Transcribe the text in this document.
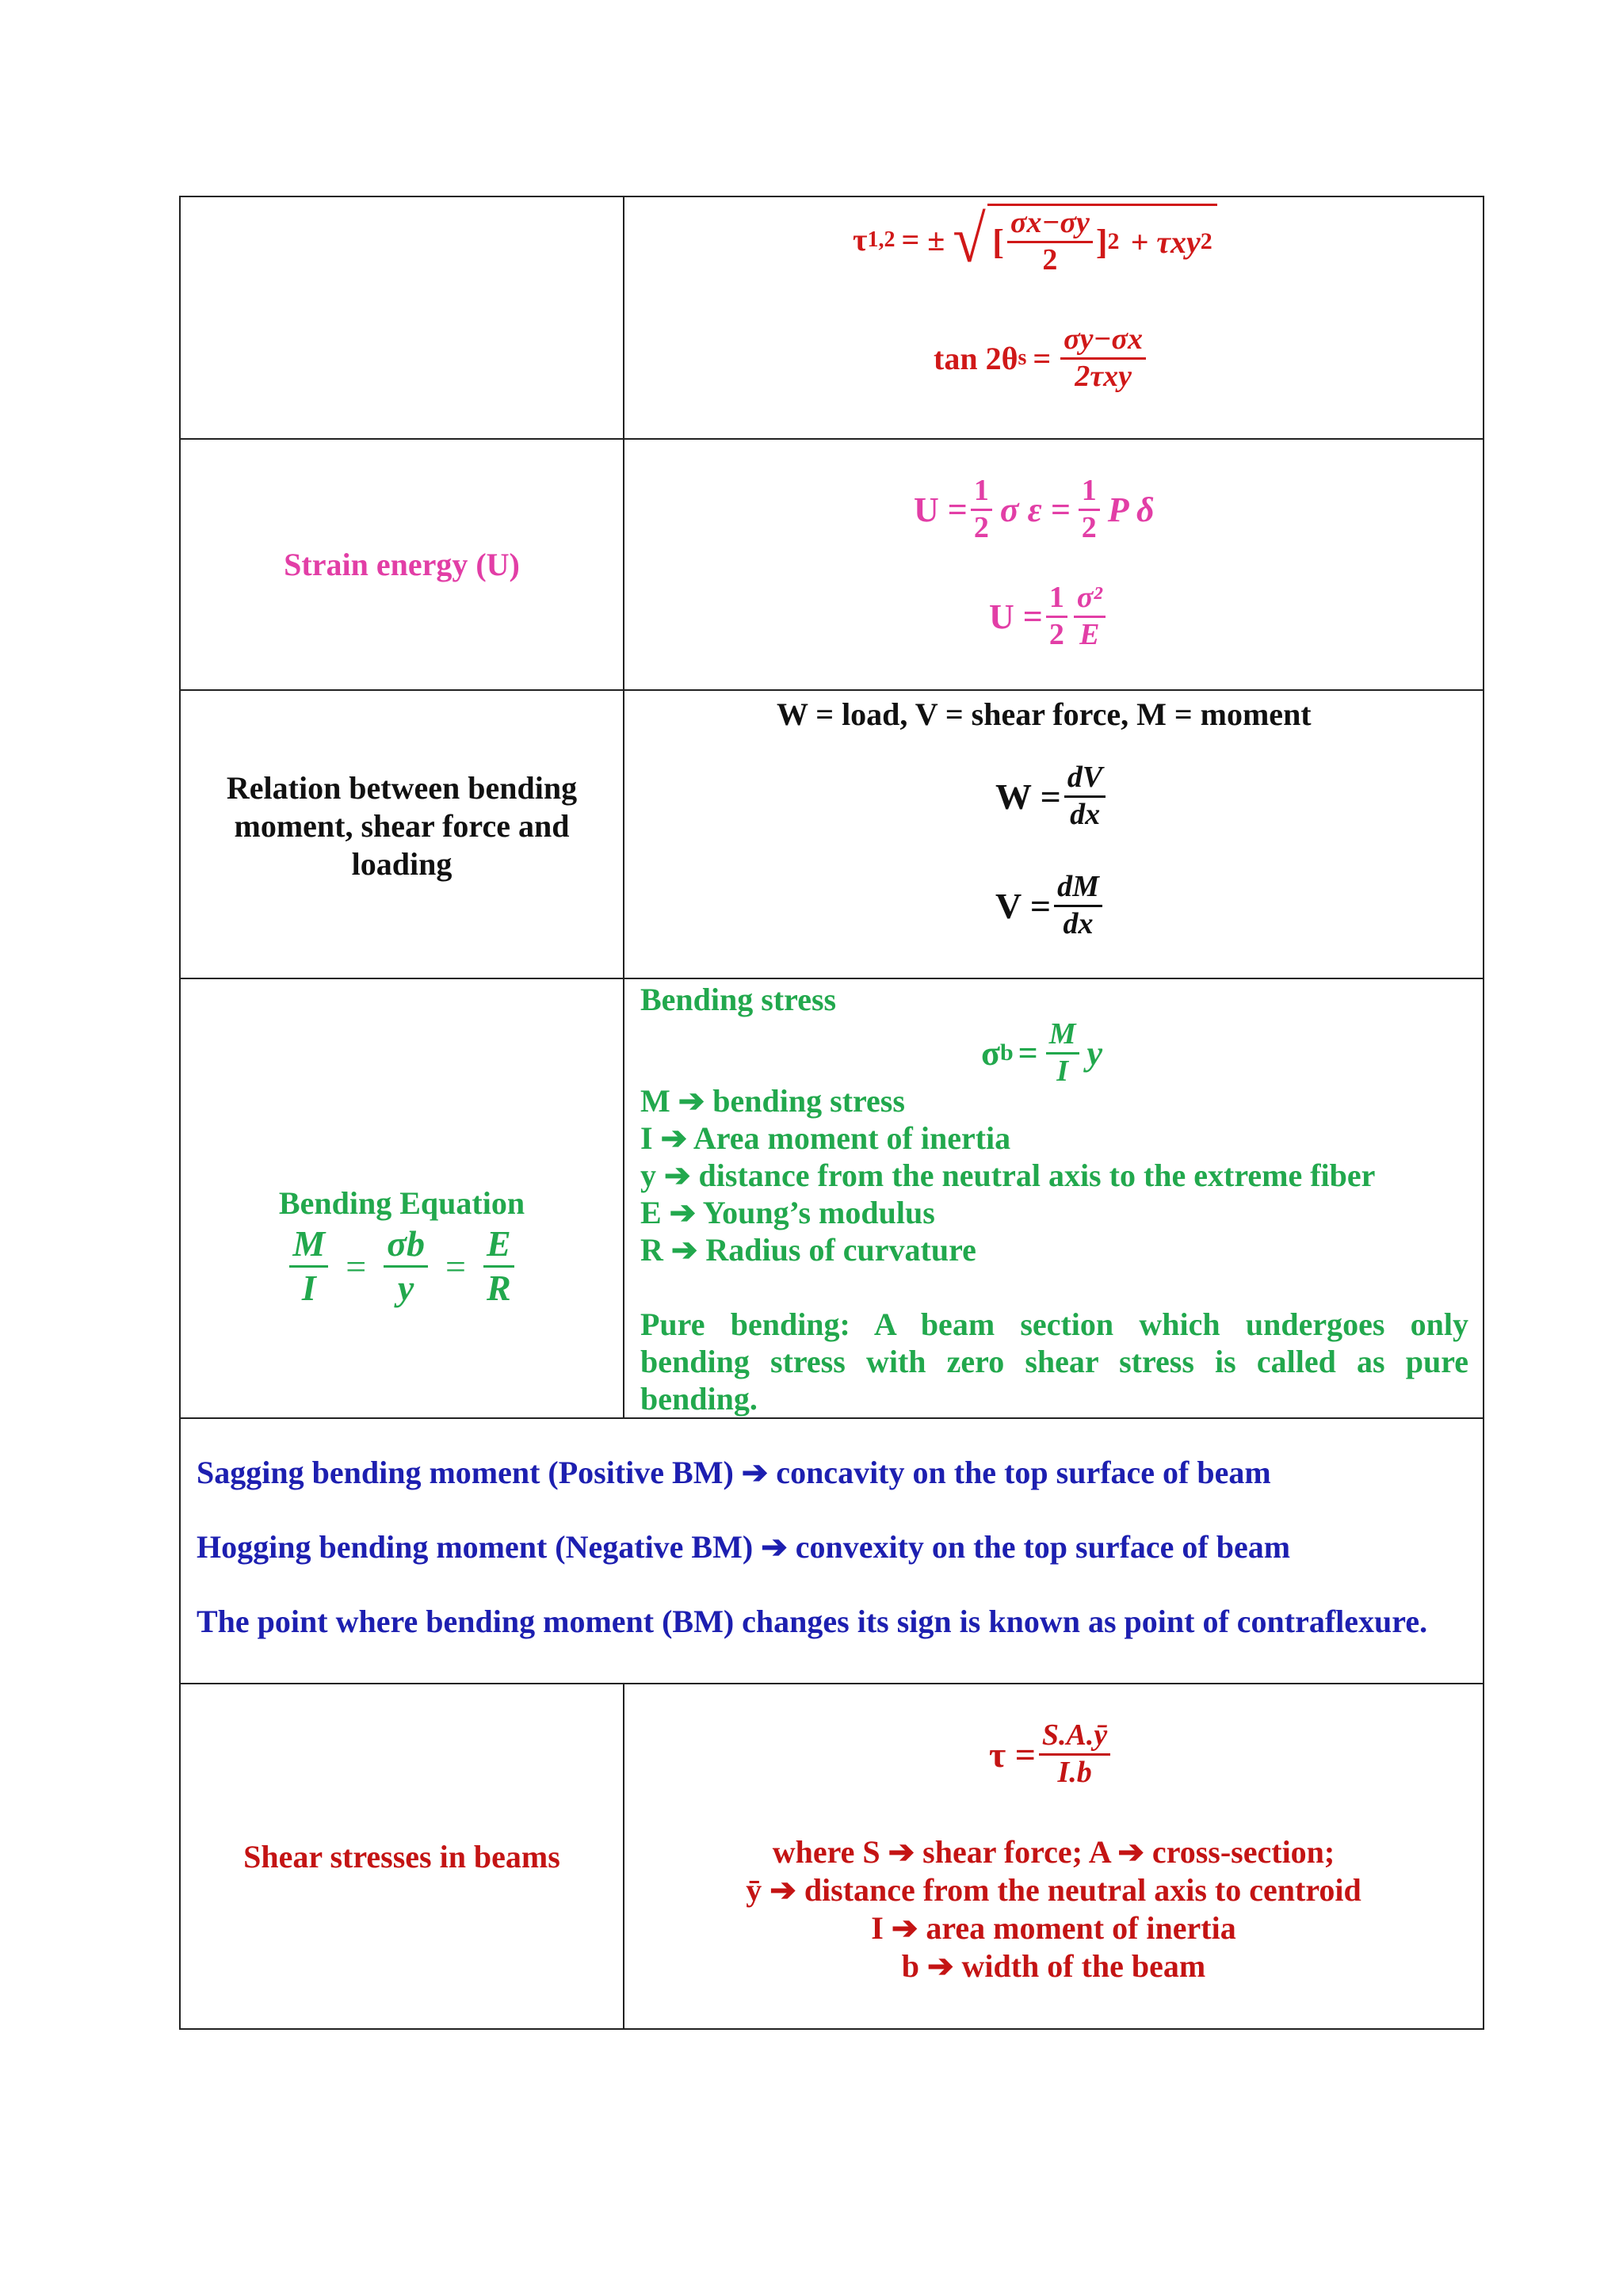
τ 1,2 = ± √ [ $\frac{\sigma x-\sigma y}{2}$ ] 2 + τxy 2
tan 2θ $s = \frac{\sigma y-\sigma x}{\text{2τxy}}$
Strain energy (U)
$U = \frac{1}{2}$ σ $\varepsilon = \frac{1}{2}$ P δ
$U = \frac{1}{2} \frac{\text{σ²}}{E}$
Relation between bending moment, shear force and loading
W = load, V = shear force, M = moment
$W = \frac{dV}{dx}$
$V = \frac{dM}{dx}$
Bending Equation
$\frac{M}{I} = \frac{\sigma b}{y} = \frac{E}{R}$
Bending stress
σ $b = \frac{M}{I}$ y
M ➔ bending stress
I ➔ Area moment of inertia
y ➔ distance from the neutral axis to the extreme fiber
E ➔ Young’s modulus
R ➔ Radius of curvature
Pure bending: A beam section which undergoes only bending stress with zero shear stress is called as pure bending.
Sagging bending moment (Positive BM) ➔ concavity on the top surface of beam
Hogging bending moment (Negative BM) ➔ convexity on the top surface of beam
The point where bending moment (BM) changes its sign is known as point of contraflexure.
Shear stresses in beams
$\tau = \frac{S.A.ȳ}{I.b}$
where S ➔ shear force; A ➔ cross-section;
ȳ ➔ distance from the neutral axis to centroid
I ➔ area moment of inertia
b ➔ width of the beam
